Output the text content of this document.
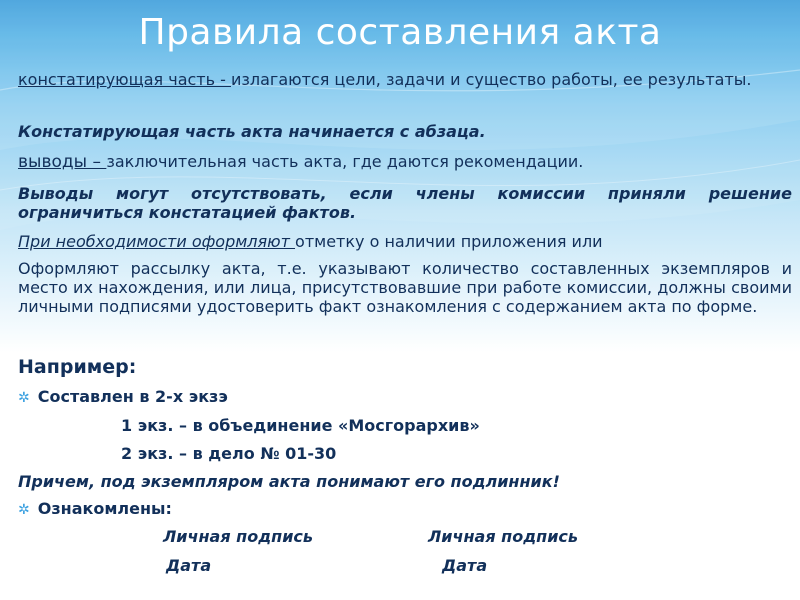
Правила составления акта
констатирующая часть - излагаются цели, задачи и существо работы, ее результаты.
Констатирующая часть акта начинается с абзаца.
выводы – заключительная часть акта, где даются рекомендации.
Выводы могут отсутствовать, если члены комиссии приняли решение ограничиться констатацией фактов.
При необходимости оформляют отметку о наличии приложения или
Оформляют рассылку акта, т.е. указывают количество составленных экземпляров и место их нахождения, или лица, присутствовавшие при работе комиссии, должны своими личными подписями удостоверить факт ознакомления с содержанием акта по форме.
Например:
✲ Составлен в 2-х экзэ
1 экз. – в объединение «Мосгорархив»
2 экз. – в дело № 01-30
Причем, под экземпляром акта понимают его подлинник!
✲ Ознакомлены:
Личная подпись	Личная подпись
Дата	Дата
